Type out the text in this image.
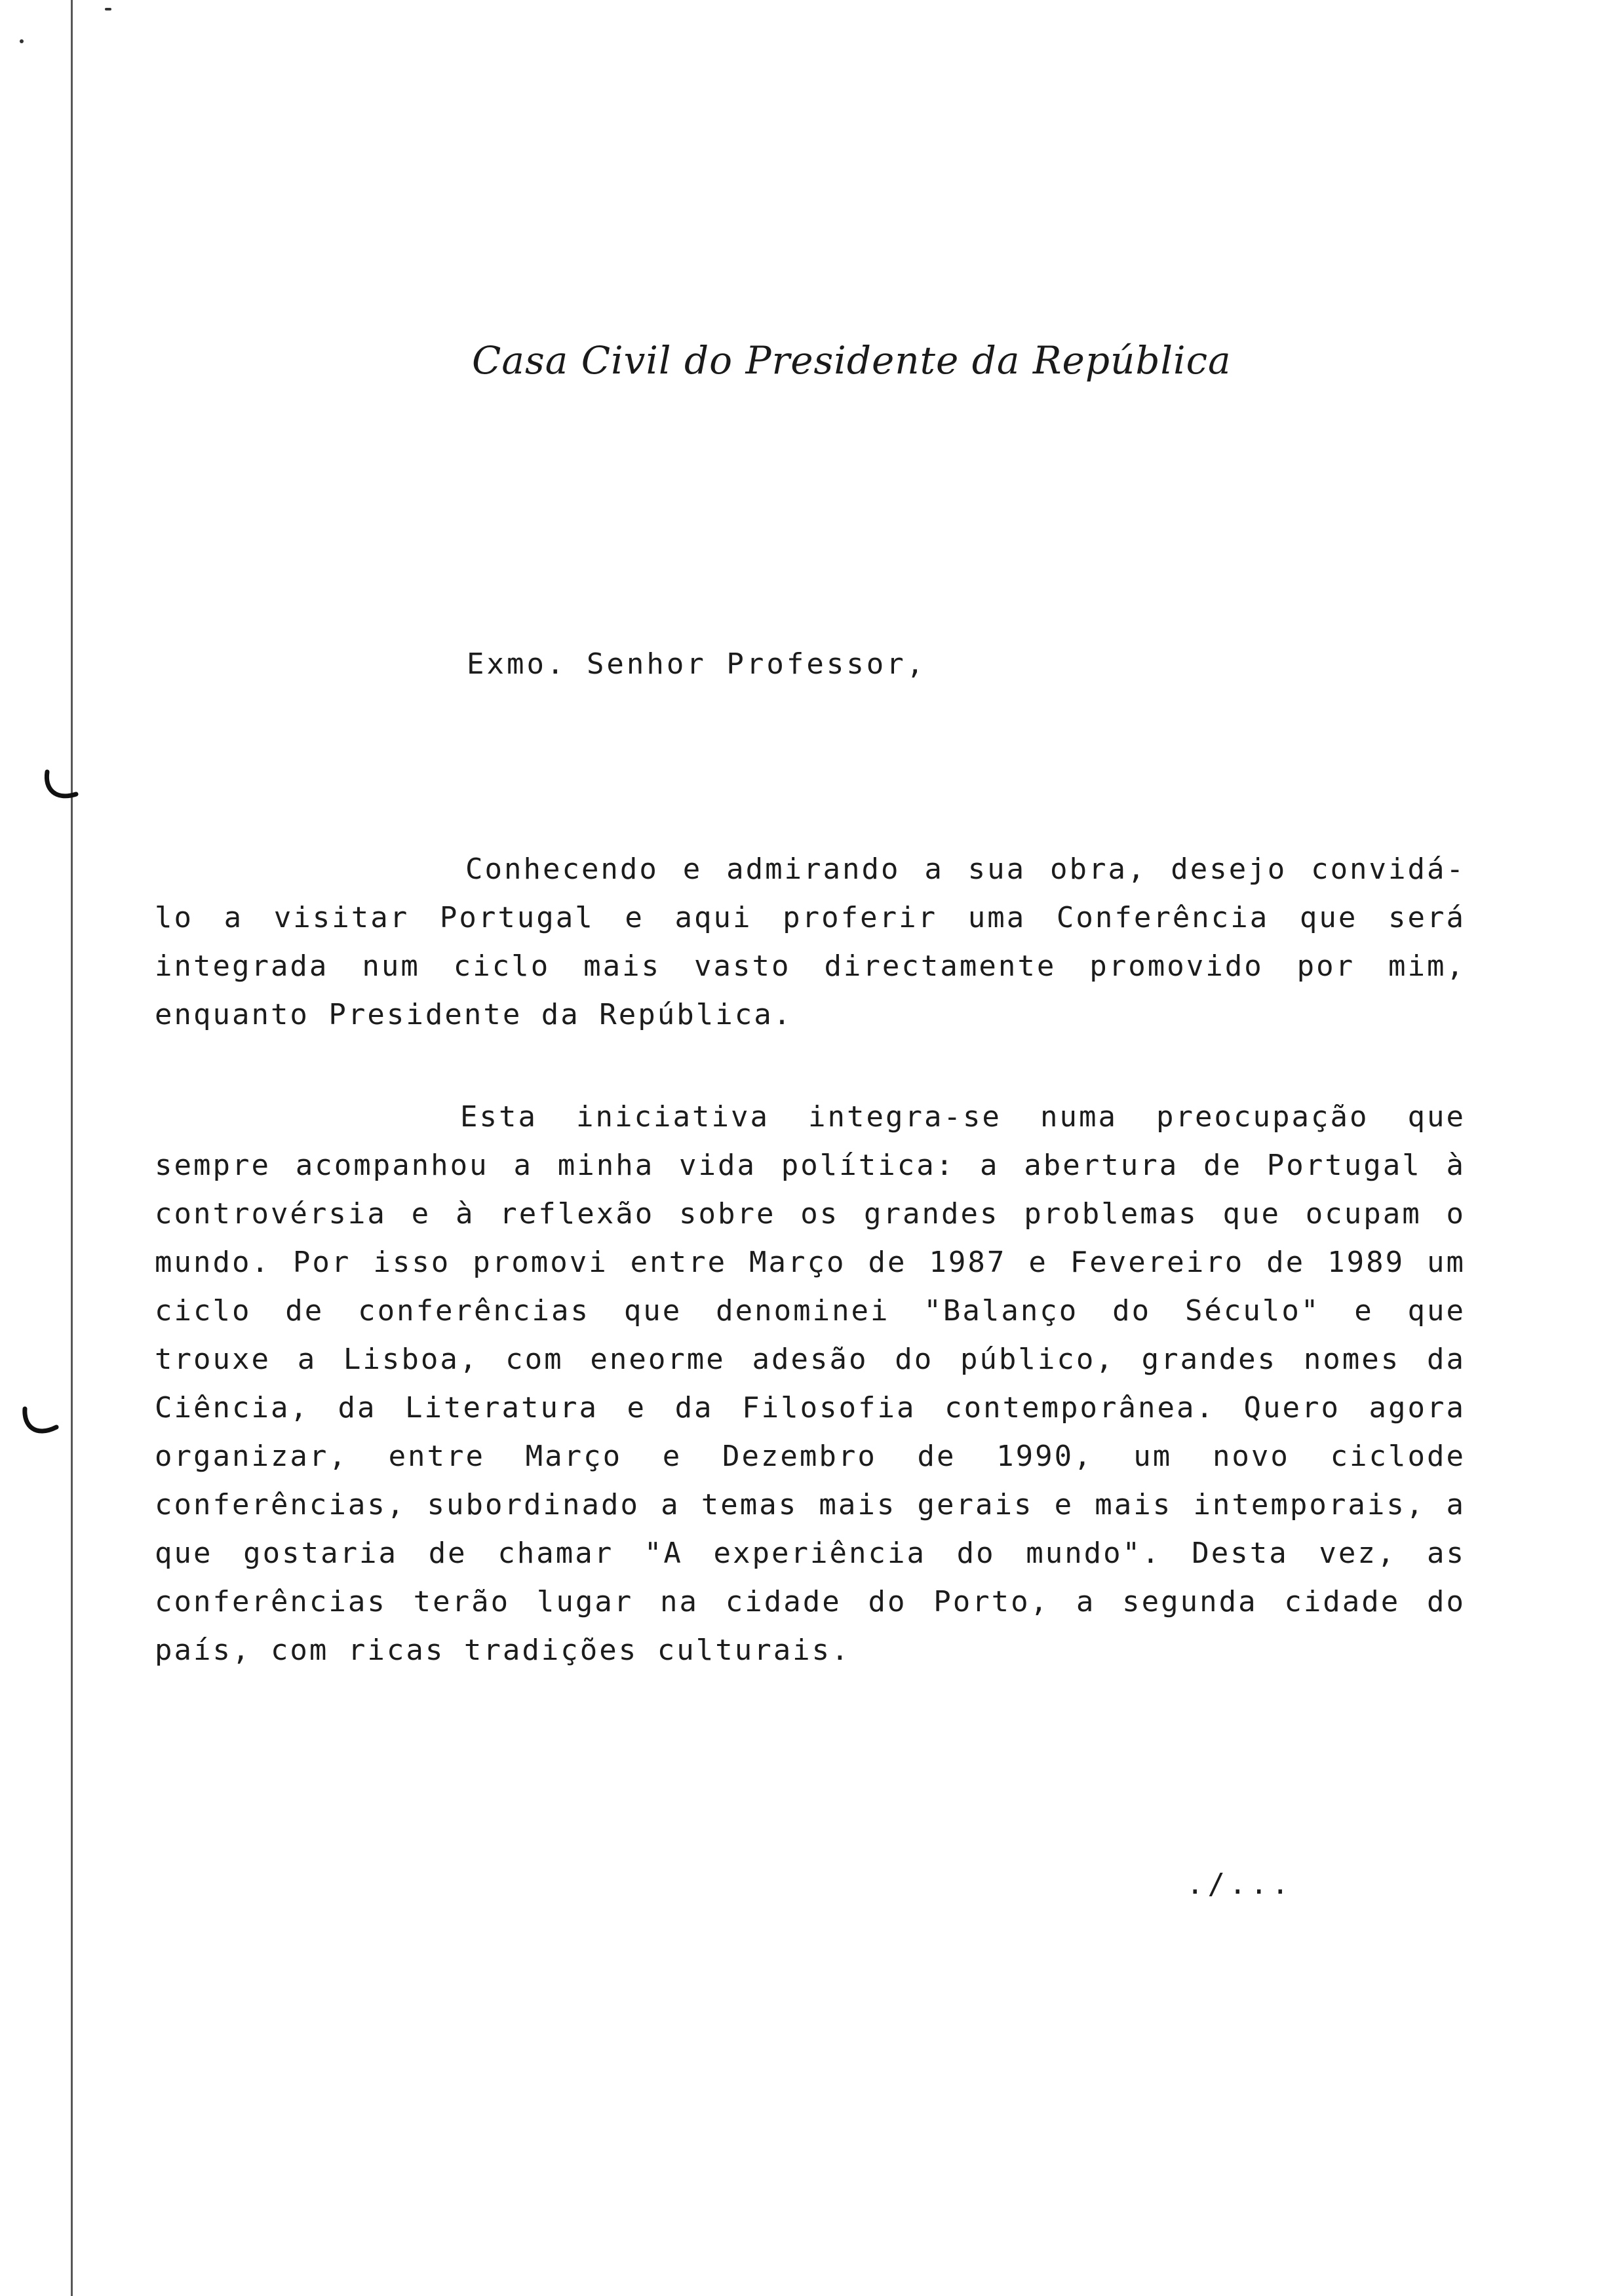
Casa Civil do Presidente da República

Exmo. Senhor Professor,

Conhecendo e admirando a sua obra, desejo convidá-lo a visitar Portugal e aqui proferir uma Conferência que será integrada num ciclo mais vasto directamente promovido por mim, enquanto Presidente da República.

Esta iniciativa integra-se numa preocupação que sempre acompanhou a minha vida política: a abertura de Portugal à controvérsia e à reflexão sobre os grandes problemas que ocupam o mundo. Por isso promovi entre Março de 1987 e Fevereiro de 1989 um ciclo de conferências que denominei "Balanço do Século" e que trouxe a Lisboa, com eneorme adesão do público, grandes nomes da Ciência, da Literatura e da Filosofia contemporânea. Quero agora organizar, entre Março e Dezembro de 1990, um novo ciclode conferências, subordinado a temas mais gerais e mais intemporais, a que gostaria de chamar "A experiência do mundo". Desta vez, as conferências terão lugar na cidade do Porto, a segunda cidade do país, com ricas tradições culturais.

./...
